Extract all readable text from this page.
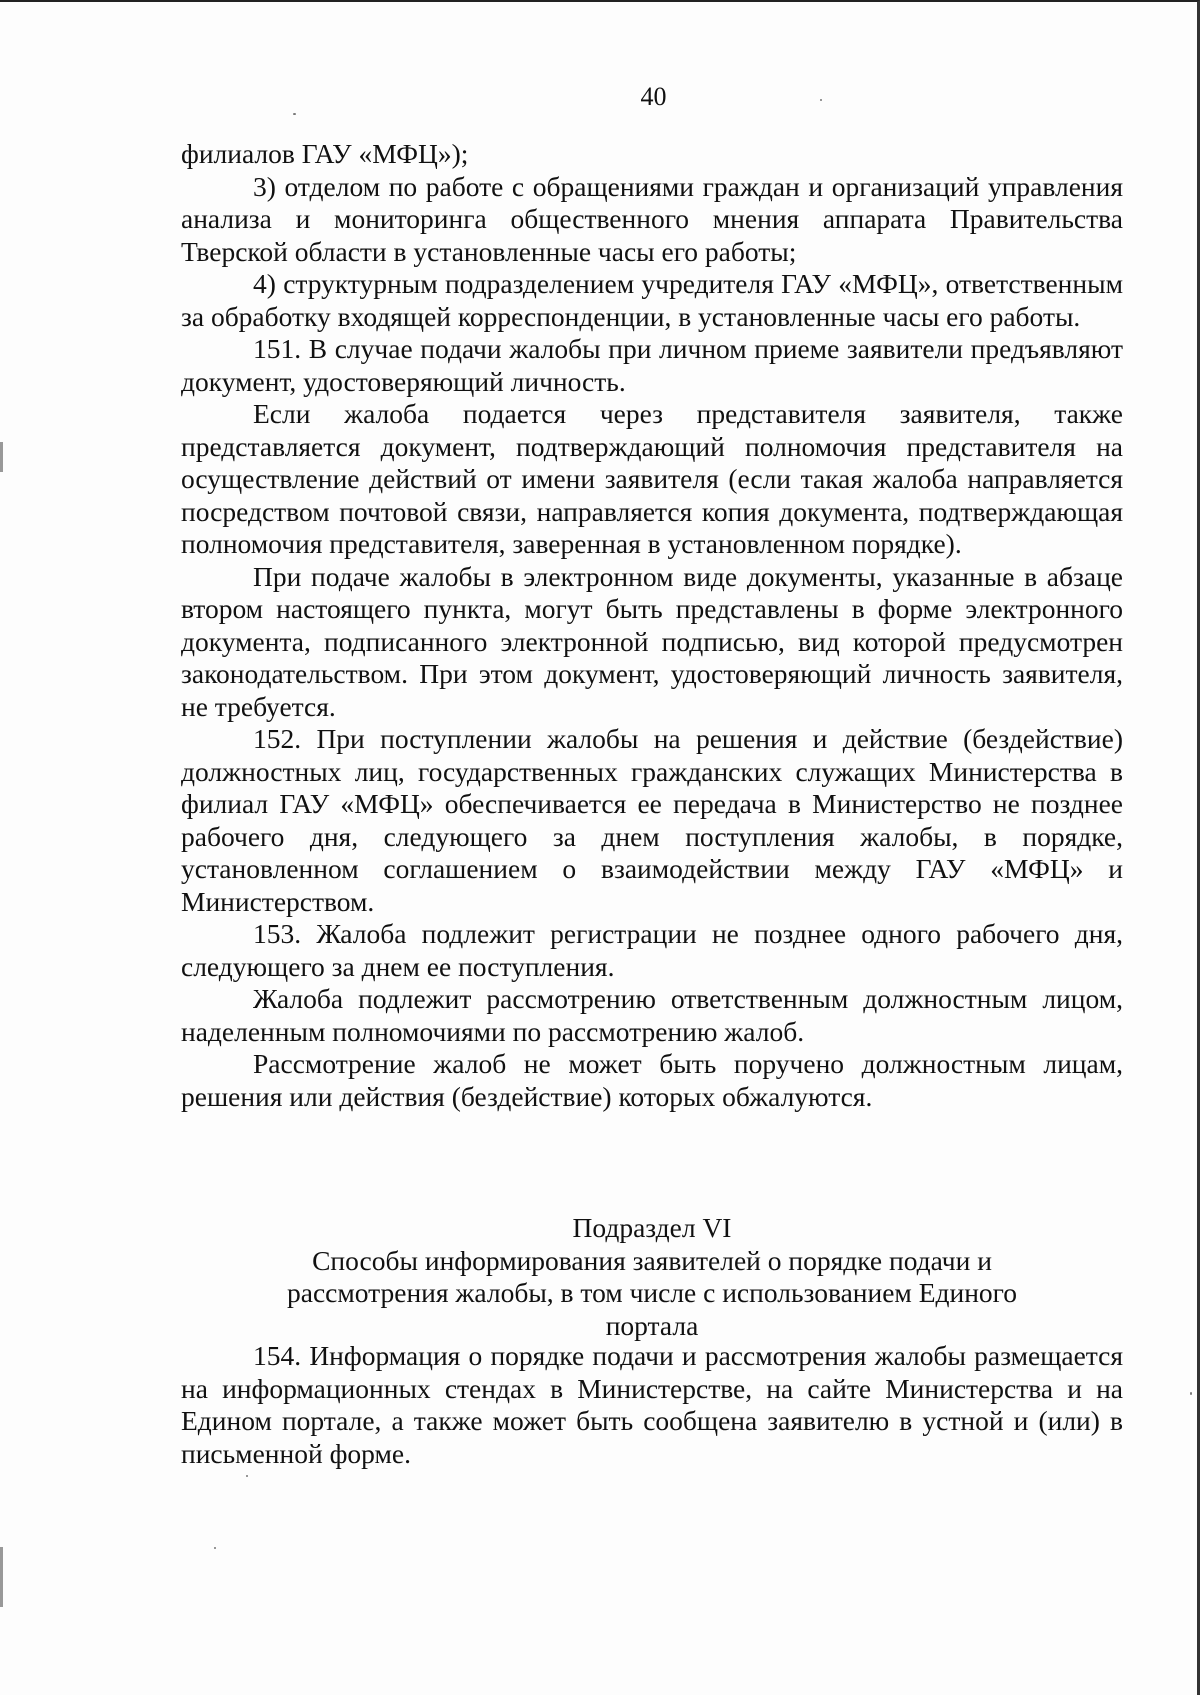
40

филиалов ГАУ «МФЦ»);

3) отделом по работе с обращениями граждан и организаций управления анализа и мониторинга общественного мнения аппарата Правительства Тверской области в установленные часы его работы;

4) структурным подразделением учредителя ГАУ «МФЦ», ответственным за обработку входящей корреспонденции, в установленные часы его работы.

151. В случае подачи жалобы при личном приеме заявители предъявляют документ, удостоверяющий личность.

Если жалоба подается через представителя заявителя, также представляется документ, подтверждающий полномочия представителя на осуществление действий от имени заявителя (если такая жалоба направляется посредством почтовой связи, направляется копия документа, подтверждающая полномочия представителя, заверенная в установленном порядке).

При подаче жалобы в электронном виде документы, указанные в абзаце втором настоящего пункта, могут быть представлены в форме электронного документа, подписанного электронной подписью, вид которой предусмотрен законодательством. При этом документ, удостоверяющий личность заявителя, не требуется.

152. При поступлении жалобы на решения и действие (бездействие) должностных лиц, государственных гражданских служащих Министерства в филиал ГАУ «МФЦ» обеспечивается ее передача в Министерство не позднее рабочего дня, следующего за днем поступления жалобы, в порядке, установленном соглашением о взаимодействии между ГАУ «МФЦ» и Министерством.

153. Жалоба подлежит регистрации не позднее одного рабочего дня, следующего за днем ее поступления.

Жалоба подлежит рассмотрению ответственным должностным лицом, наделенным полномочиями по рассмотрению жалоб.

Рассмотрение жалоб не может быть поручено должностным лицам, решения или действия (бездействие) которых обжалуются.

Подраздел VI

Способы информирования заявителей о порядке подачи и рассмотрения жалобы, в том числе с использованием Единого портала

154. Информация о порядке подачи и рассмотрения жалобы размещается на информационных стендах в Министерстве, на сайте Министерства и на Едином портале, а также может быть сообщена заявителю в устной и (или) в письменной форме.
